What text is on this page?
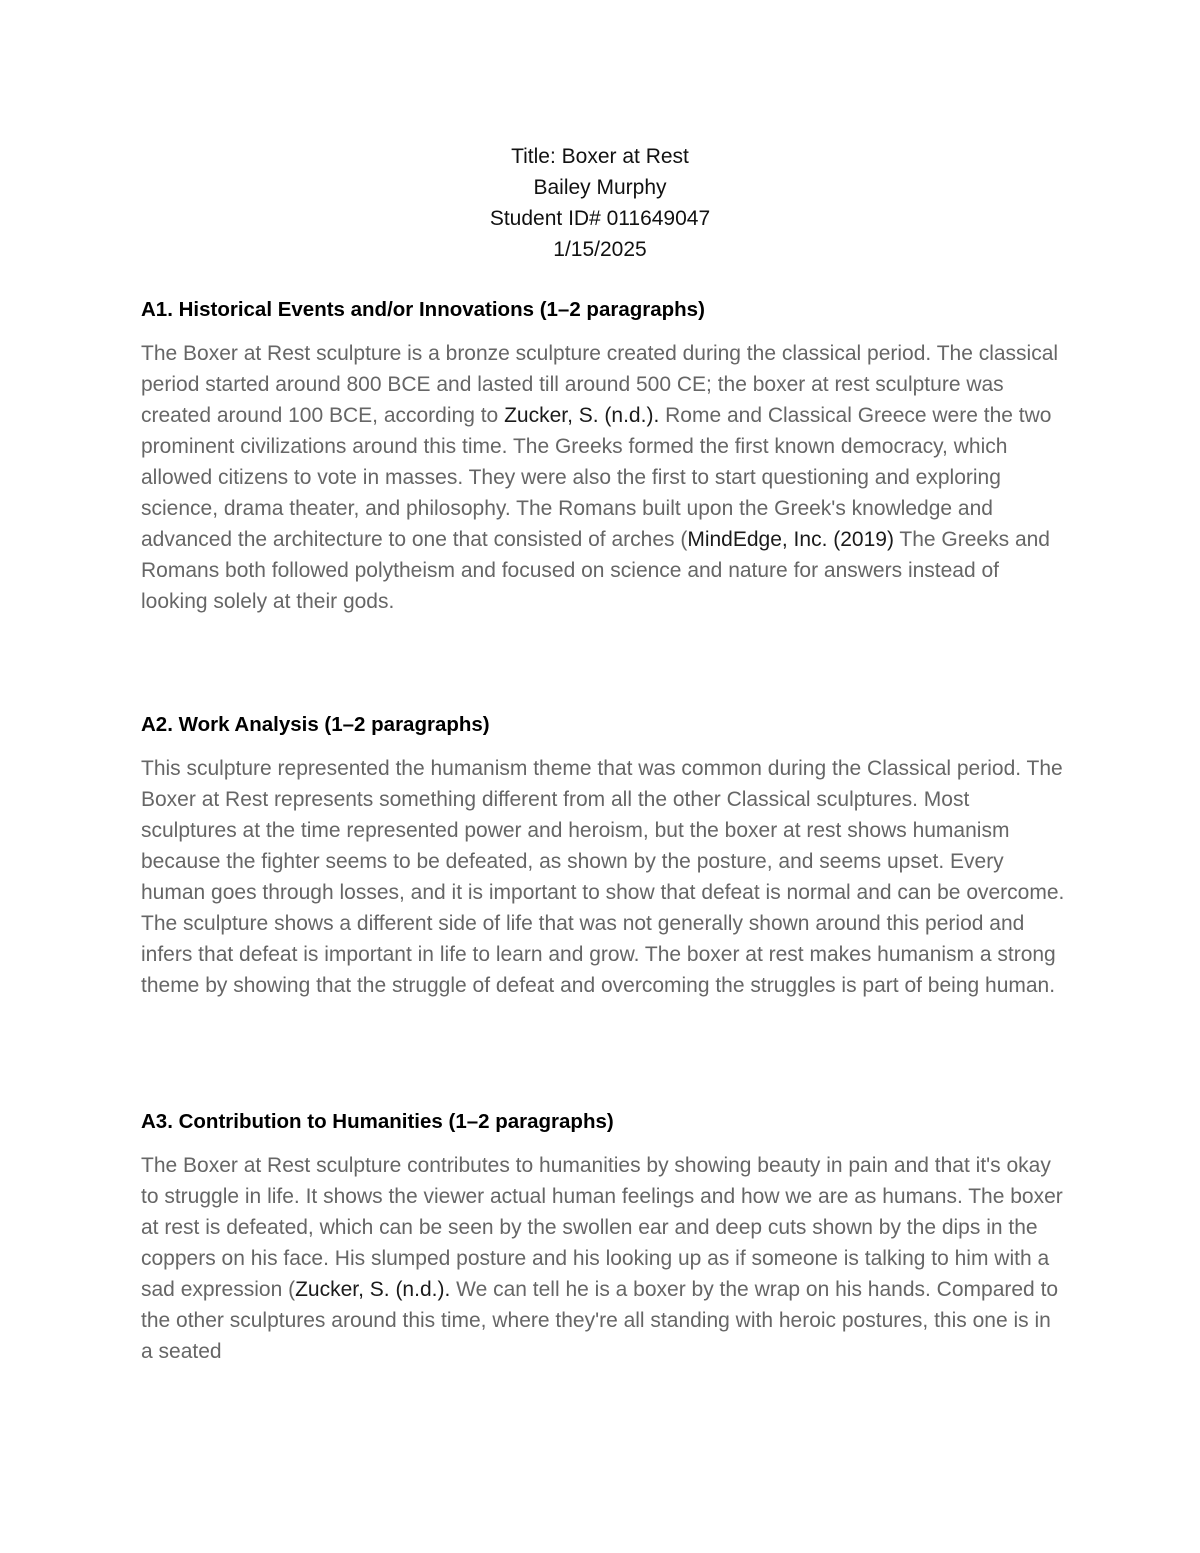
Title: Boxer at Rest
Bailey Murphy
Student ID# 011649047
1/15/2025
A1. Historical Events and/or Innovations (1–2 paragraphs)

The Boxer at Rest sculpture is a bronze sculpture created during the classical period. The classical period started around 800 BCE and lasted till around 500 CE; the boxer at rest sculpture was created around 100 BCE, according to Zucker, S. (n.d.). Rome and Classical Greece were the two prominent civilizations around this time. The Greeks formed the first known democracy, which allowed citizens to vote in masses. They were also the first to start questioning and exploring science, drama theater, and philosophy. The Romans built upon the Greek's knowledge and advanced the architecture to one that consisted of arches (MindEdge, Inc. (2019) The Greeks and Romans both followed polytheism and focused on science and nature for answers instead of looking solely at their gods.

A2. Work Analysis (1–2 paragraphs)

This sculpture represented the humanism theme that was common during the Classical period. The Boxer at Rest represents something different from all the other Classical sculptures. Most sculptures at the time represented power and heroism, but the boxer at rest shows humanism because the fighter seems to be defeated, as shown by the posture, and seems upset. Every human goes through losses, and it is important to show that defeat is normal and can be overcome. The sculpture shows a different side of life that was not generally shown around this period and infers that defeat is important in life to learn and grow. The boxer at rest makes humanism a strong theme by showing that the struggle of defeat and overcoming the struggles is part of being human.

A3. Contribution to Humanities (1–2 paragraphs)

The Boxer at Rest sculpture contributes to humanities by showing beauty in pain and that it's okay to struggle in life. It shows the viewer actual human feelings and how we are as humans. The boxer at rest is defeated, which can be seen by the swollen ear and deep cuts shown by the dips in the coppers on his face. His slumped posture and his looking up as if someone is talking to him with a sad expression (Zucker, S. (n.d.). We can tell he is a boxer by the wrap on his hands. Compared to the other sculptures around this time, where they're all standing with heroic postures, this one is in a seated
